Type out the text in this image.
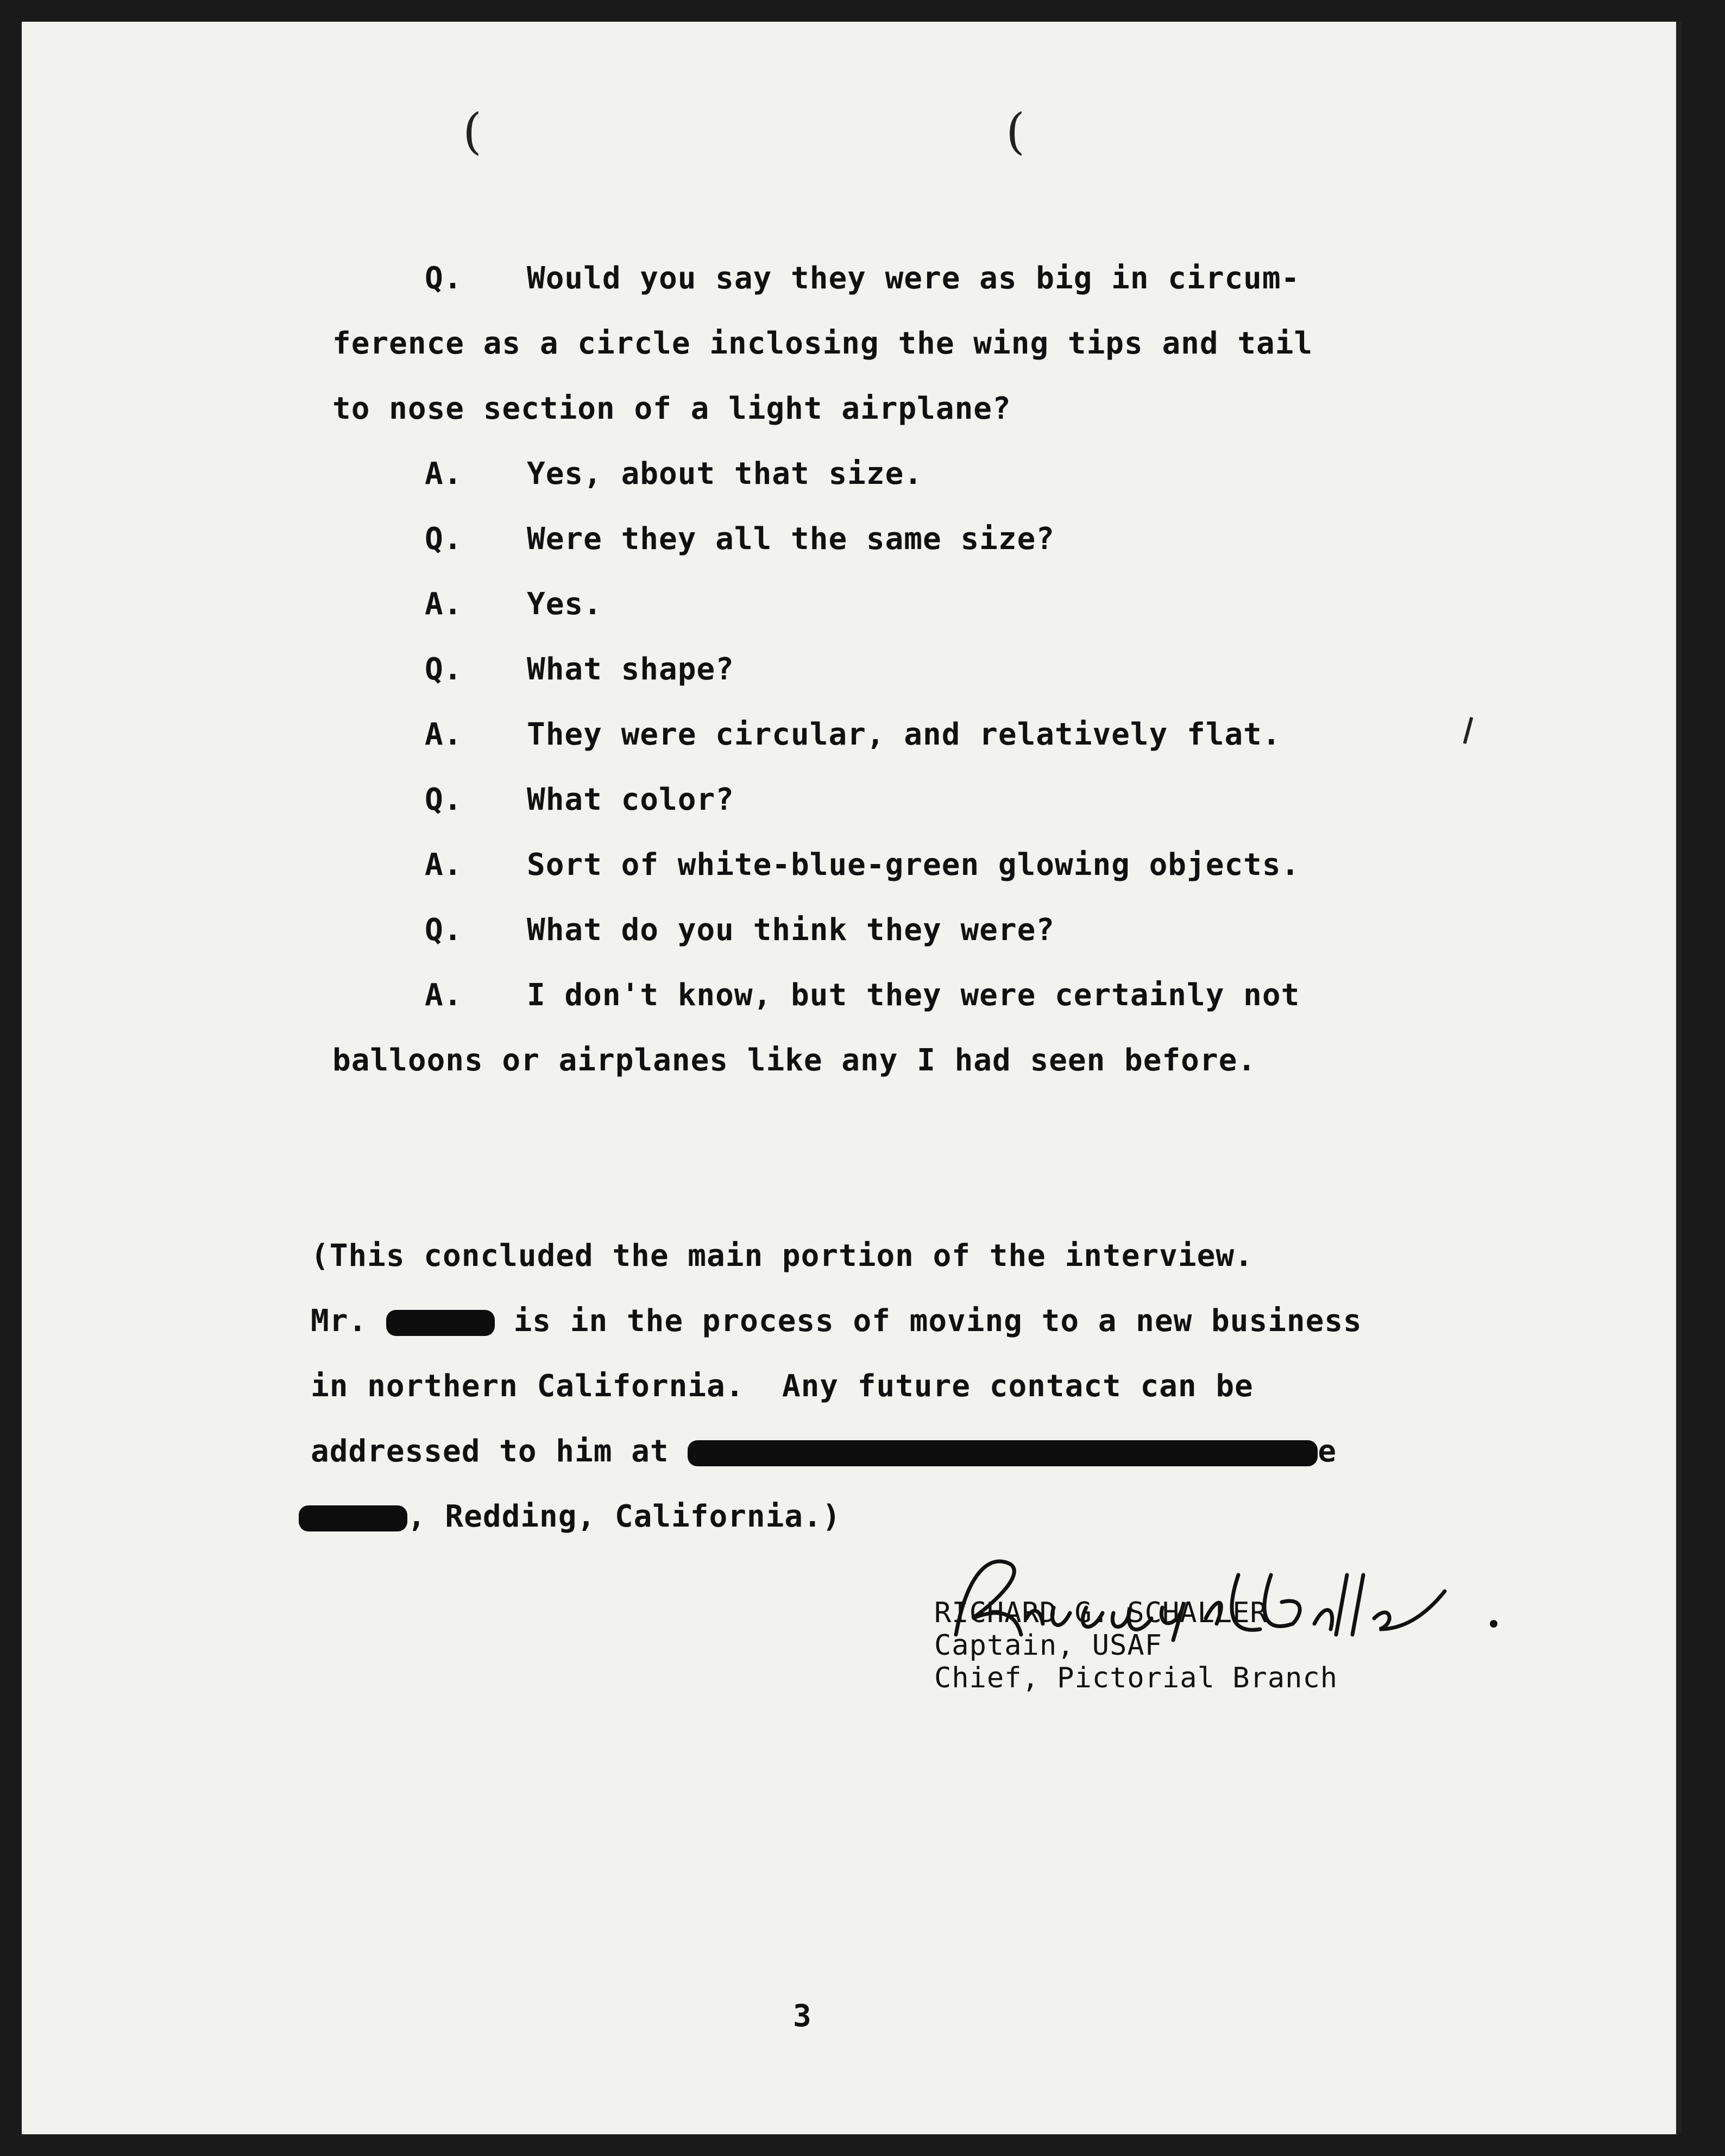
(	(
Q. Would you say they were as big in circum-
ference as a circle inclosing the wing tips and tail
to nose section of a light airplane?
A. Yes, about that size.
Q. Were they all the same size?
A. Yes.
Q. What shape?
A. They were circular, and relatively flat.
Q. What color?
A. Sort of white-blue-green glowing objects.
Q. What do you think they were?
A. I don't know, but they were certainly not
balloons or airplanes like any I had seen before.
(This concluded the main portion of the interview.
Mr.	is in the process of moving to a new business
in northern California.  Any future contact can be
addressed to him at	e
, Redding, California.)
RICHARD G. SCHALLER
Captain, USAF
Chief, Pictorial Branch
3
